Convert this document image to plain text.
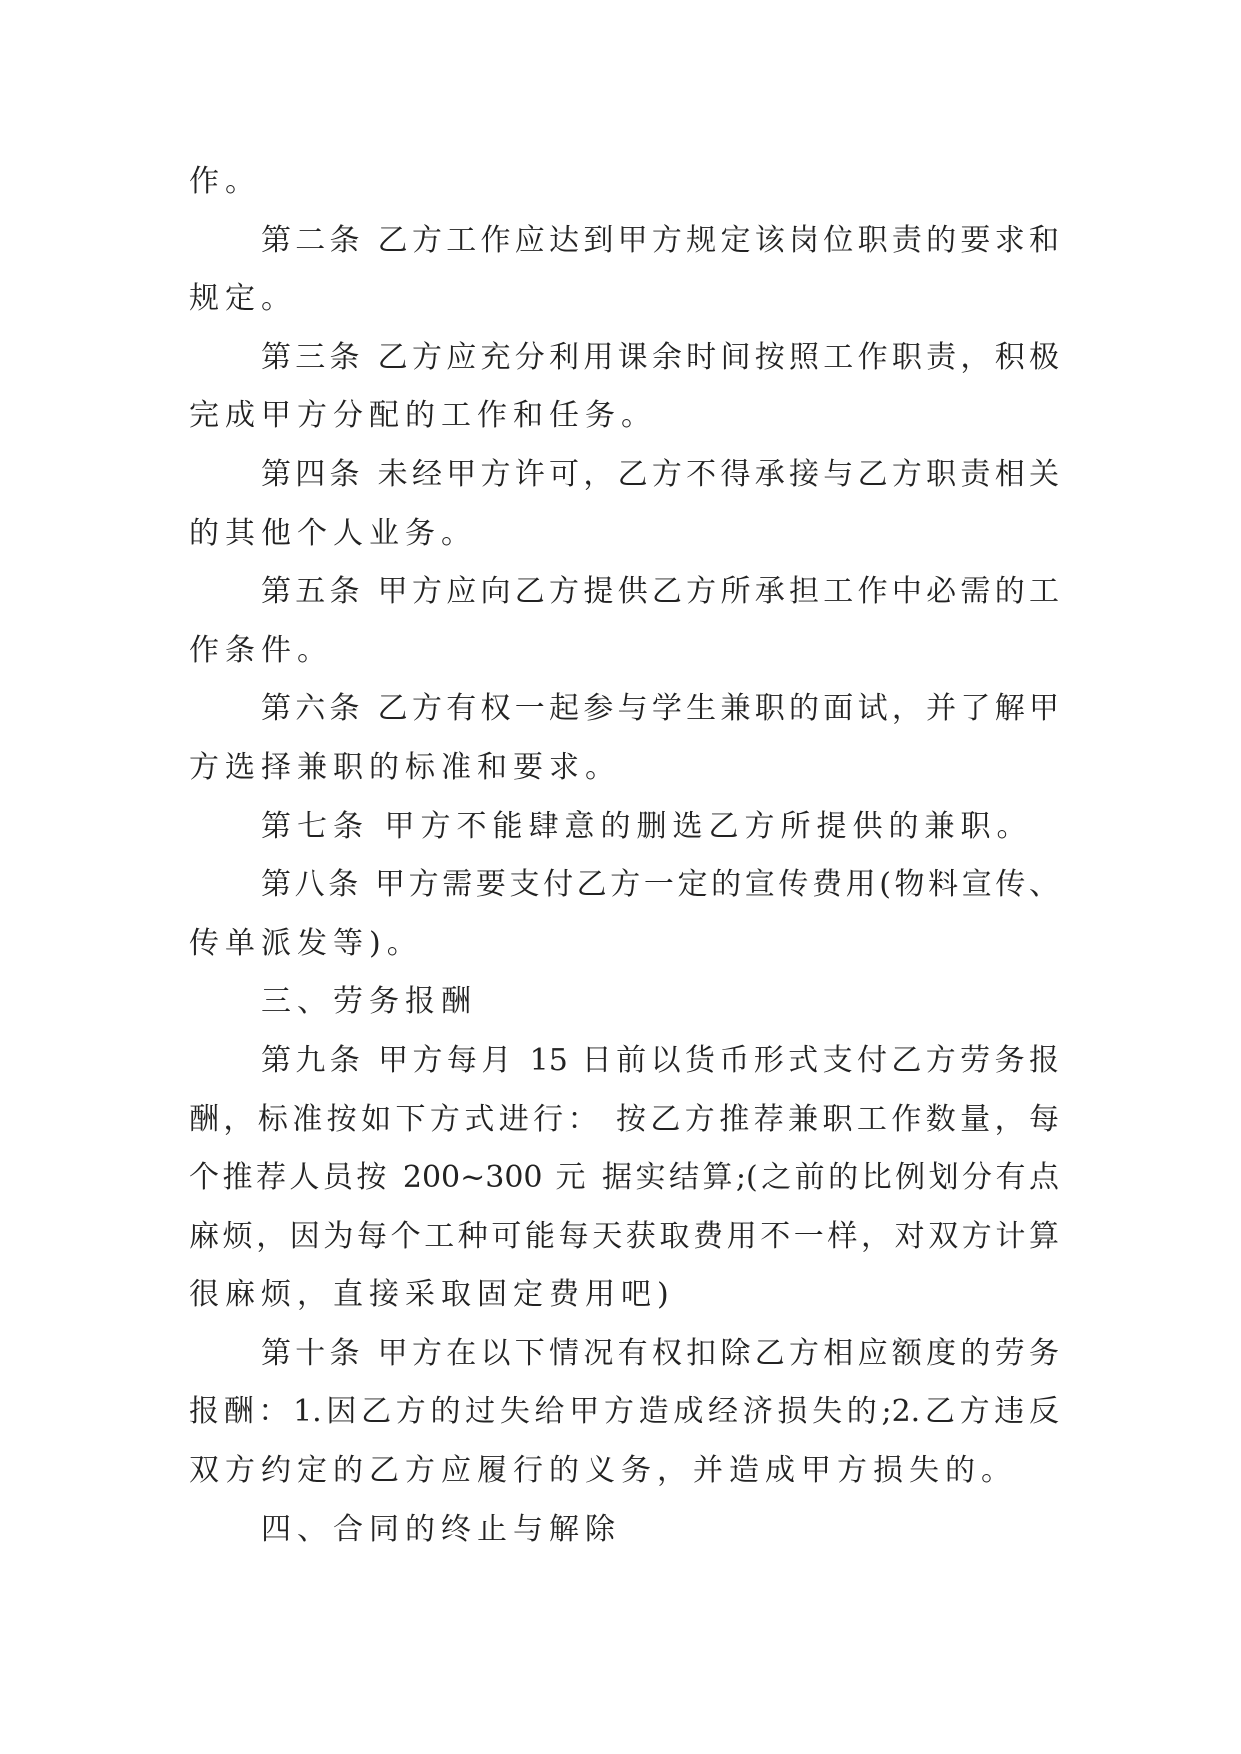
作。
第二条 乙方工作应达到甲方规定该岗位职责的要求和
规定。
第三条 乙方应充分利用课余时间按照工作职责，积极
完成甲方分配的工作和任务。
第四条 未经甲方许可，乙方不得承接与乙方职责相关
的其他个人业务。
第五条 甲方应向乙方提供乙方所承担工作中必需的工
作条件。
第六条 乙方有权一起参与学生兼职的面试，并了解甲
方选择兼职的标准和要求。
第七条 甲方不能肆意的删选乙方所提供的兼职。
第八条 甲方需要支付乙方一定的宣传费用(物料宣传、
传单派发等)。
三、劳务报酬
第九条 甲方每月 15 日前以货币形式支付乙方劳务报
酬，标准按如下方式进行： 按乙方推荐兼职工作数量，每
个推荐人员按 200~300 元 据实结算;(之前的比例划分有点
麻烦，因为每个工种可能每天获取费用不一样，对双方计算
很麻烦，直接采取固定费用吧)
第十条 甲方在以下情况有权扣除乙方相应额度的劳务
报酬：1.因乙方的过失给甲方造成经济损失的;2.乙方违反
双方约定的乙方应履行的义务，并造成甲方损失的。
四、合同的终止与解除
